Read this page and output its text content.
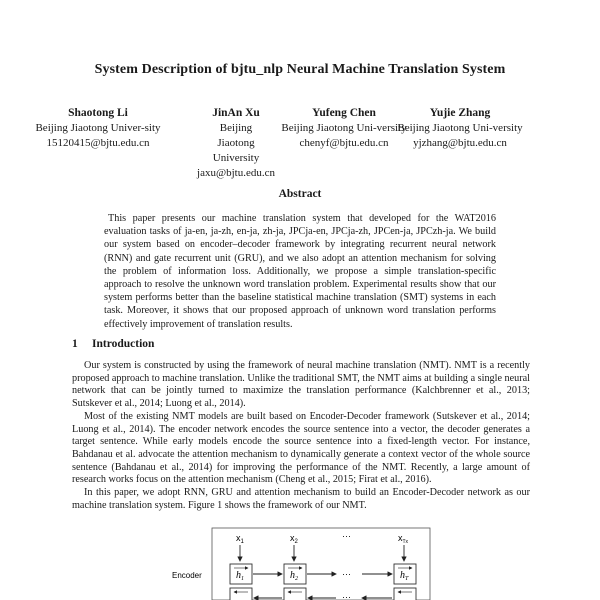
System Description of bjtu_nlp Neural Machine Translation System
Shaotong Li
Beijing Jiaotong Univer-sity
15120415@bjtu.edu.cn
JinAn Xu
Beijing Jiaotong University
jaxu@bjtu.edu.cn
Yufeng Chen
Beijing Jiaotong Uni-versity
chenyf@bjtu.edu.cn
Yujie Zhang
Beijing Jiaotong Uni-versity
yjzhang@bjtu.edu.cn
Abstract
This paper presents our machine translation system that developed for the WAT2016 evaluation tasks of ja-en, ja-zh, en-ja, zh-ja, JPCja-en, JPCja-zh, JPCen-ja, JPCzh-ja. We build our system based on encoder–decoder framework by integrating recurrent neural network (RNN) and gate recurrent unit (GRU), and we also adopt an attention mechanism for solving the problem of information loss. Additionally, we propose a simple translation-specific approach to resolve the unknown word translation problem. Experimental results show that our system performs better than the baseline statistical machine translation (SMT) systems in each task. Moreover, it shows that our proposed approach of unknown word translation performs effectively improvement of translation results.
1 Introduction

Our system is constructed by using the framework of neural machine translation (NMT). NMT is a recently proposed approach to machine translation. Unlike the traditional SMT, the NMT aims at building a single neural network that can be jointly turned to maximize the translation performance (Kalchbrenner et al., 2013; Sutskever et al., 2014; Luong et al., 2014).

Most of the existing NMT models are built based on Encoder-Decoder framework (Sutskever et al., 2014; Luong et al., 2014). The encoder network encodes the source sentence into a vector, the decoder generates a target sentence. While early models encode the source sentence into a fixed-length vector. For instance, Bahdanau et al. advocate the attention mechanism to dynamically generate a context vector of the whole source sentence (Bahdanau et al., 2014) for improving the performance of the NMT. Recently, a large amount of research works focus on the attention mechanism (Cheng et al., 2015; Firat et al., 2016).

In this paper, we adopt RNN, GRU and attention mechanism to build an Encoder-Decoder network as our machine translation system. Figure 1 shows the framework of our NMT.

$x_1$	$x_2$
···	$x_{Tx}$
Encoder	$h_1$	$h_2$	$h_T$
···
···
